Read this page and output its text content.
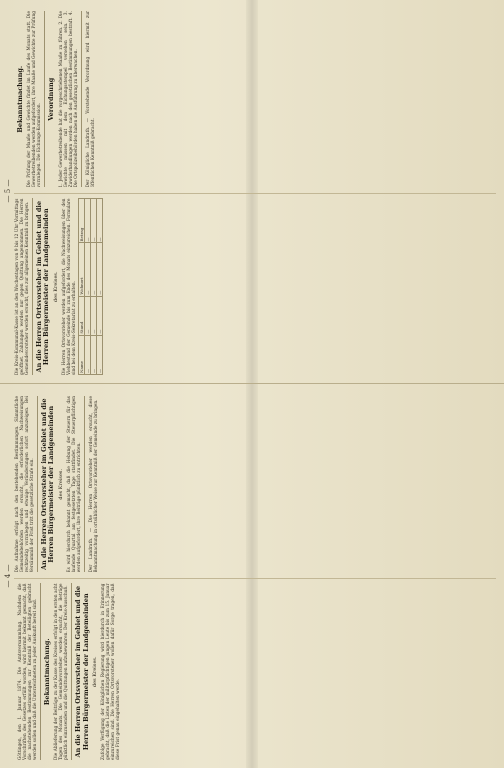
— 4 —

Göttingen, den 1. Januar 1874. Die Amtsversammlung. Nachdem die Vorschriften des Gesetzes erfüllt worden, wird hiermit bekannt gemacht, daß die nachstehenden Bestimmungen zur Kenntniß der Beteiligten gebracht werden sollen und daß die Unterzeichneten zu jeder Auskunft bereit sind. Bekanntmachung. Die Ablieferung der Beiträge zu der Kasse des Kreises erfolgt in den ersten acht Tagen des Monats. Die Gemeindevorsteher werden ersucht, die Beträge pünktlich einzusenden und die Quittungen aufzubewahren. Der Kreis-Ausschuß. An die Herren Ortsvorsteher im Gebiet und die Herren Bürgermeister der Landgemeinden des Kreises. Zufolge Verfügung der Königlichen Regierung wird hierdurch in Erinnerung gebracht, daß die Listen der militärpflichtigen jungen Leute bis zum 15. Januar einzureichen sind. Die Herren Ortsvorsteher wollen dafür Sorge tragen, daß diese Frist genau eingehalten werde.

Die Aufnahme erfolgt nach den bestehenden Bestimmungen. Sämmtliche Gemeindebehörden werden ersucht, die erforderlichen Nachweisungen rechtzeitig vorzulegen und etwaige Veränderungen sofort anzuzeigen. Bei Versäumniß der Frist tritt die gesetzliche Strafe ein. An die Herren Ortsvorsteher im Gebiet und die Herren Bürgermeister der Landgemeinden des Kreises. Es wird hierdurch bekannt gemacht, daß die Hebung der Steuern für das laufende Quartal am festgesetzten Tage stattfindet. Die Steuerpflichtigen werden aufgefordert, ihre Beiträge pünktlich zu entrichten. Der Landrath. — Die Herren Ortsvorsteher werden ersucht, diese Bekanntmachung in ortsüblicher Weise zur Kenntniß der Gemeinde zu bringen.

— 5 —

Die Kreis-Kommunal-Kasse ist an den Wochentagen von 9 bis 12 Uhr Vormittags geöffnet. Zahlungen werden nur gegen Quittung angenommen. Die Herren Gemeindevorsteher werden ersucht, dies zur allgemeinen Kenntniß zu bringen. An die Herren Ortsvorsteher im Gebiet und die Herren Bürgermeister der Landgemeinden des Kreises. Die Herren Ortsvorsteher werden aufgefordert, die Nachweisungen über den Viehbestand der Gemeinde bis zum Ende des Monats einzureichen. Formulare sind bei dem Kreis-Sekretariat zu erhalten. Name	Stand	Wohnort	Betrag
—	—	—	—
—	—	—	—
—	—	—	—
Bekanntmachung. Die Prüfung der Maaße und Gewichte findet im Laufe des Monats statt. Die Gewerbetreibenden werden aufgefordert, ihre Maaße und Gewichte zur Prüfung vorzulegen. Die Eichungs-Kommission.

Verordnung 1. Jeder Gewerbetreibende hat die vorgeschriebenen Maaße zu führen. 2. Die Gewichte müssen mit dem Eichungsstempel versehen sein. 3. Zuwiderhandlungen werden nach den gesetzlichen Bestimmungen bestraft. 4. Die Ortspolizeibehörden haben die Ausführung zu überwachen. Der Königliche Landrath. — Vorstehende Verordnung wird hiermit zur öffentlichen Kenntniß gebracht.
